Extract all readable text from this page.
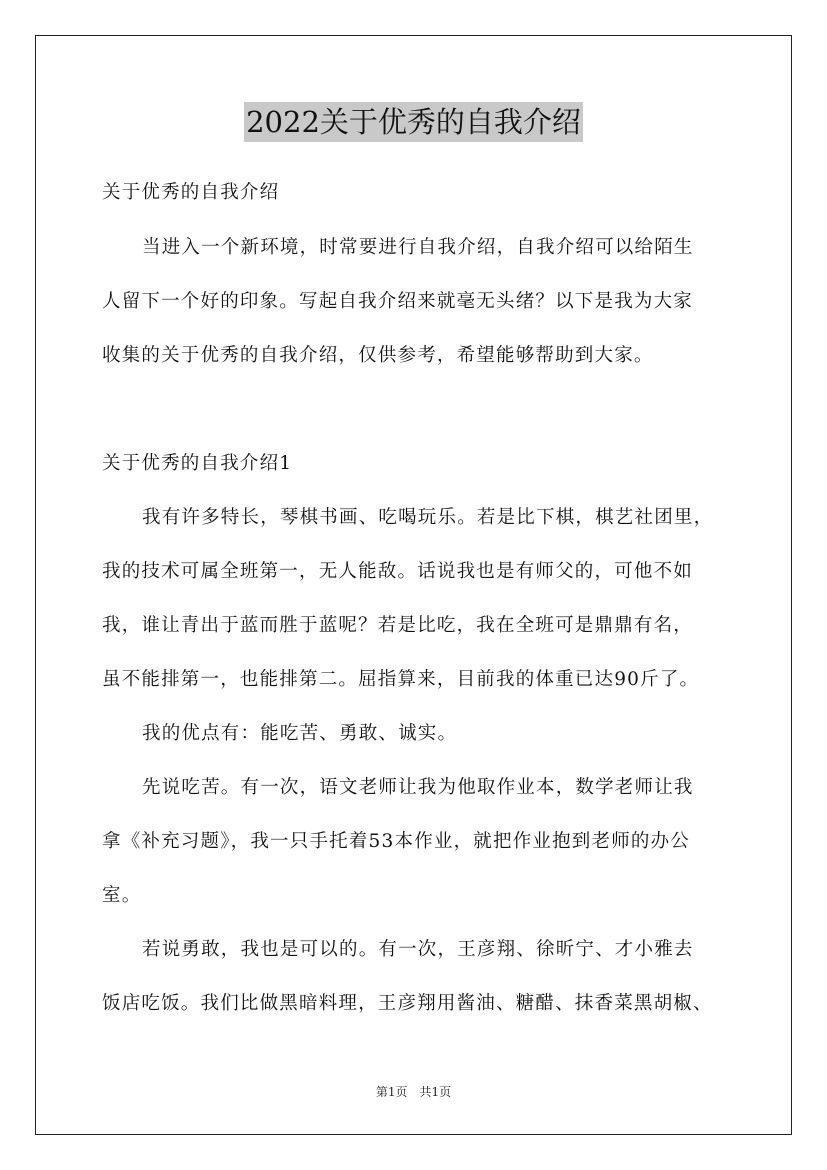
2022关于优秀的自我介绍
关于优秀的自我介绍
当进入一个新环境，时常要进行自我介绍，自我介绍可以给陌生
人留下一个好的印象。写起自我介绍来就毫无头绪？以下是我为大家
收集的关于优秀的自我介绍，仅供参考，希望能够帮助到大家。
关于优秀的自我介绍1
我有许多特长，琴棋书画、吃喝玩乐。若是比下棋，棋艺社团里，
我的技术可属全班第一，无人能敌。话说我也是有师父的，可他不如
我，谁让青出于蓝而胜于蓝呢？若是比吃，我在全班可是鼎鼎有名，
虽不能排第一，也能排第二。屈指算来，目前我的体重已达90斤了。
我的优点有：能吃苦、勇敢、诚实。
先说吃苦。有一次，语文老师让我为他取作业本，数学老师让我
拿《补充习题》，我一只手托着53本作业，就把作业抱到老师的办公
室。
若说勇敢，我也是可以的。有一次，王彦翔、徐昕宁、才小雅去
饭店吃饭。我们比做黑暗料理，王彦翔用酱油、糖醋、抹香菜黑胡椒、
第1页　共1页
